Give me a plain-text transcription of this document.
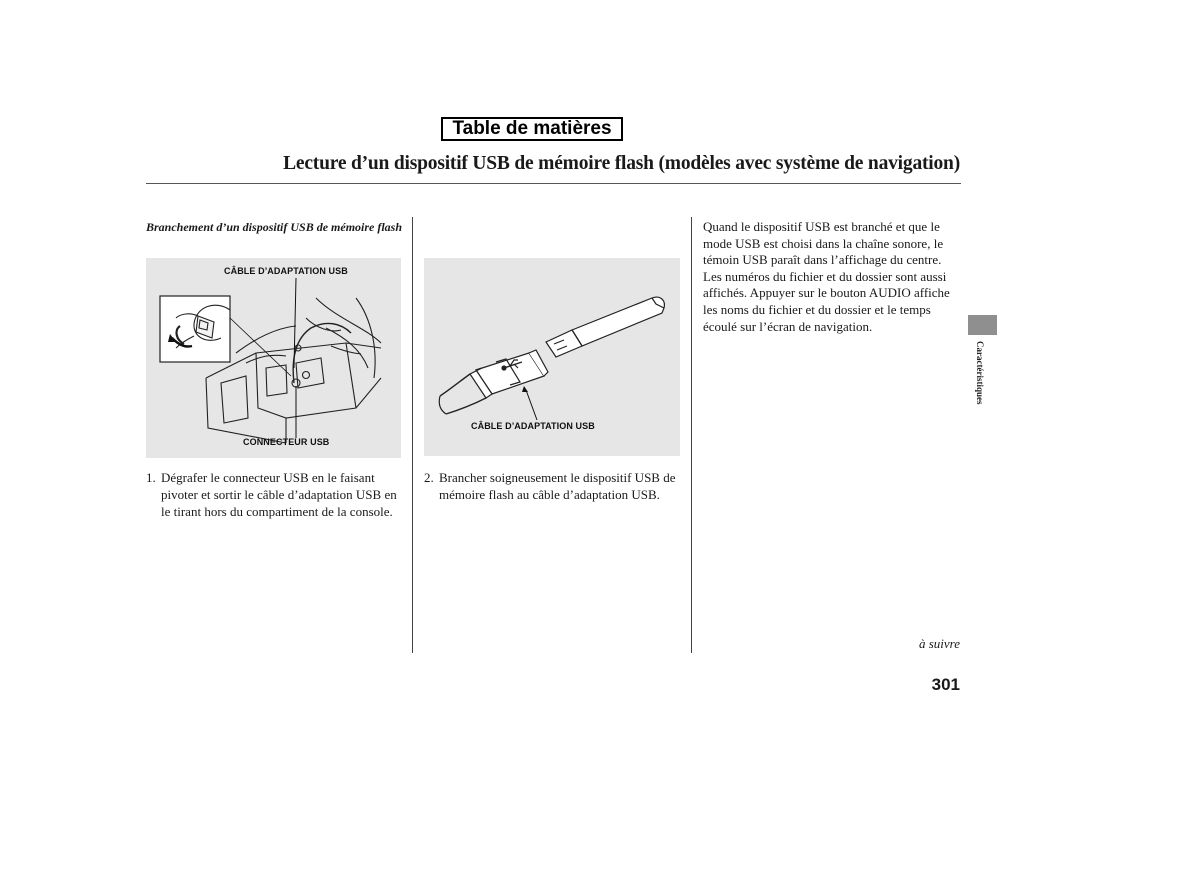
Table de matières
Lecture d’un dispositif USB de mémoire flash (modèles avec système de navigation)
Branchement d’un dispositif USB de mémoire flash
CÂBLE D’ADAPTATION USB
CONNECTEUR USB
CÂBLE D’ADAPTATION USB
1. Dégrafer le connecteur USB en le faisant pivoter et sortir le câble d’adaptation USB en le tirant hors du compartiment de la console.
2. Brancher soigneusement le dispositif USB de mémoire flash au câble d’adaptation USB.
Quand le dispositif USB est branché et que le mode USB est choisi dans la chaîne sonore, le témoin USB paraît dans l’affichage du centre. Les numéros du fichier et du dossier sont aussi affichés. Appuyer sur le bouton AUDIO affiche les noms du fichier et du dossier et le temps écoulé sur l’écran de navigation.
à suivre
301
Caractéristiques
